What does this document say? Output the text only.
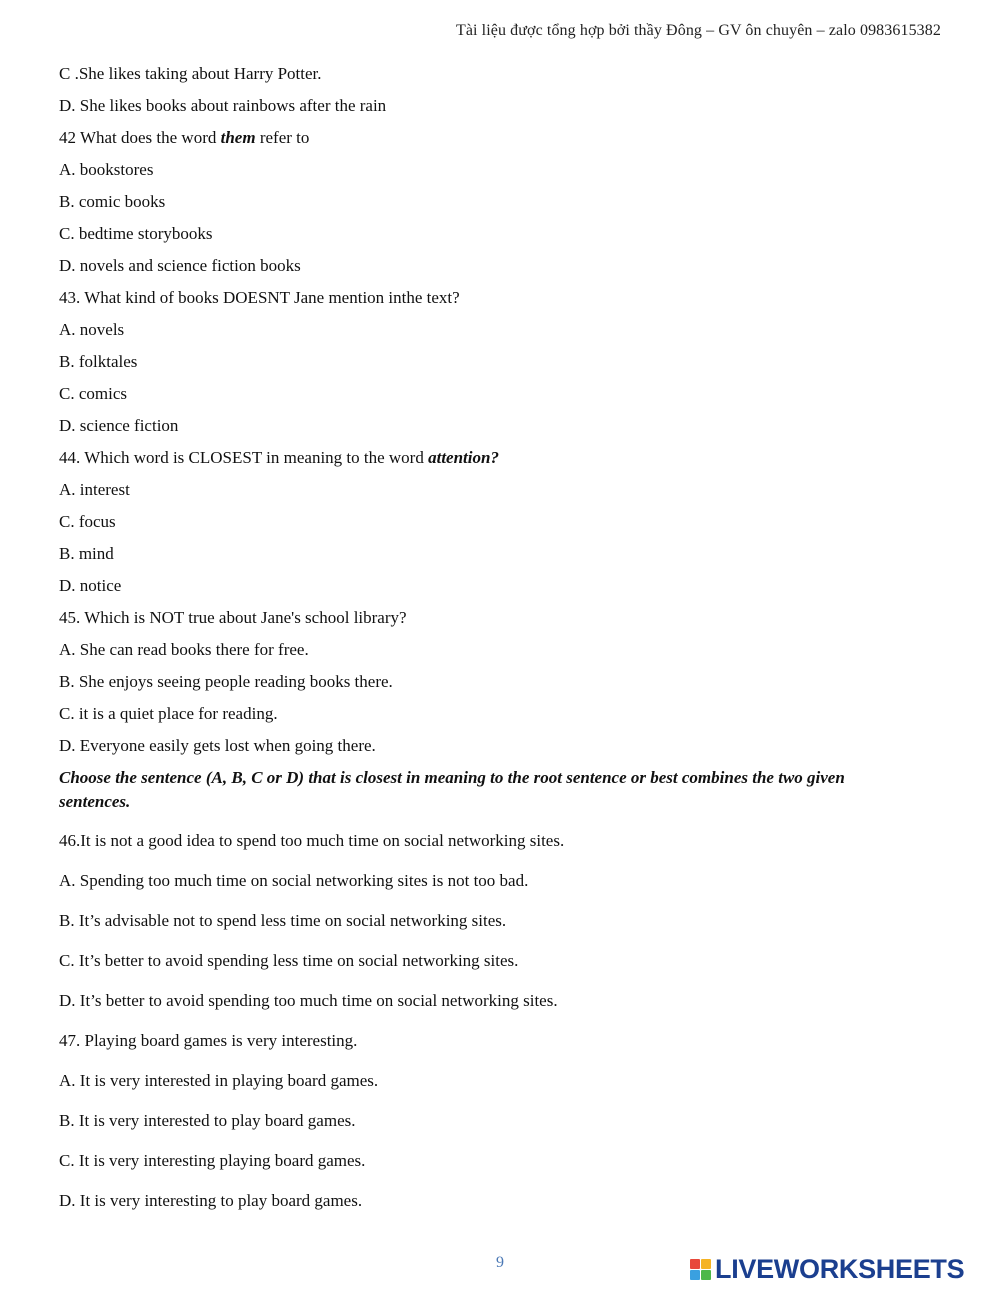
Tài liệu được tổng hợp bởi thầy Đông – GV ôn chuyên – zalo 0983615382
C .She likes taking about Harry Potter.
D. She likes books about rainbows after the rain
42 What does the word them refer to
A. bookstores
B. comic books
C. bedtime storybooks
D. novels and science fiction books
43. What kind of books DOESNT Jane mention inthe text?
A. novels
B. folktales
C. comics
D. science fiction
44. Which word is CLOSEST in meaning to the word attention?
A. interest
C. focus
B. mind
D. notice
45. Which is NOT true about Jane's school library?
A. She can read books there for free.
B. She enjoys seeing people reading books there.
C. it is a quiet place for reading.
D. Everyone easily gets lost when going there.
Choose the sentence (A, B, C or D) that is closest in meaning to the root sentence or best combines the two given sentences.
46.It is not a good idea to spend too much time on social networking sites.
A. Spending too much time on social networking sites is not too bad.
B. It’s advisable not to spend less time on social networking sites.
C. It’s better to avoid spending less time on social networking sites.
D. It’s better to avoid spending too much time on social networking sites.
47. Playing board games is very interesting.
A. It is very interested in playing board games.
B. It is very interested to play board games.
C. It is very interesting playing board games.
D. It is very interesting to play board games.
9	LIVEWORKSHEETS
